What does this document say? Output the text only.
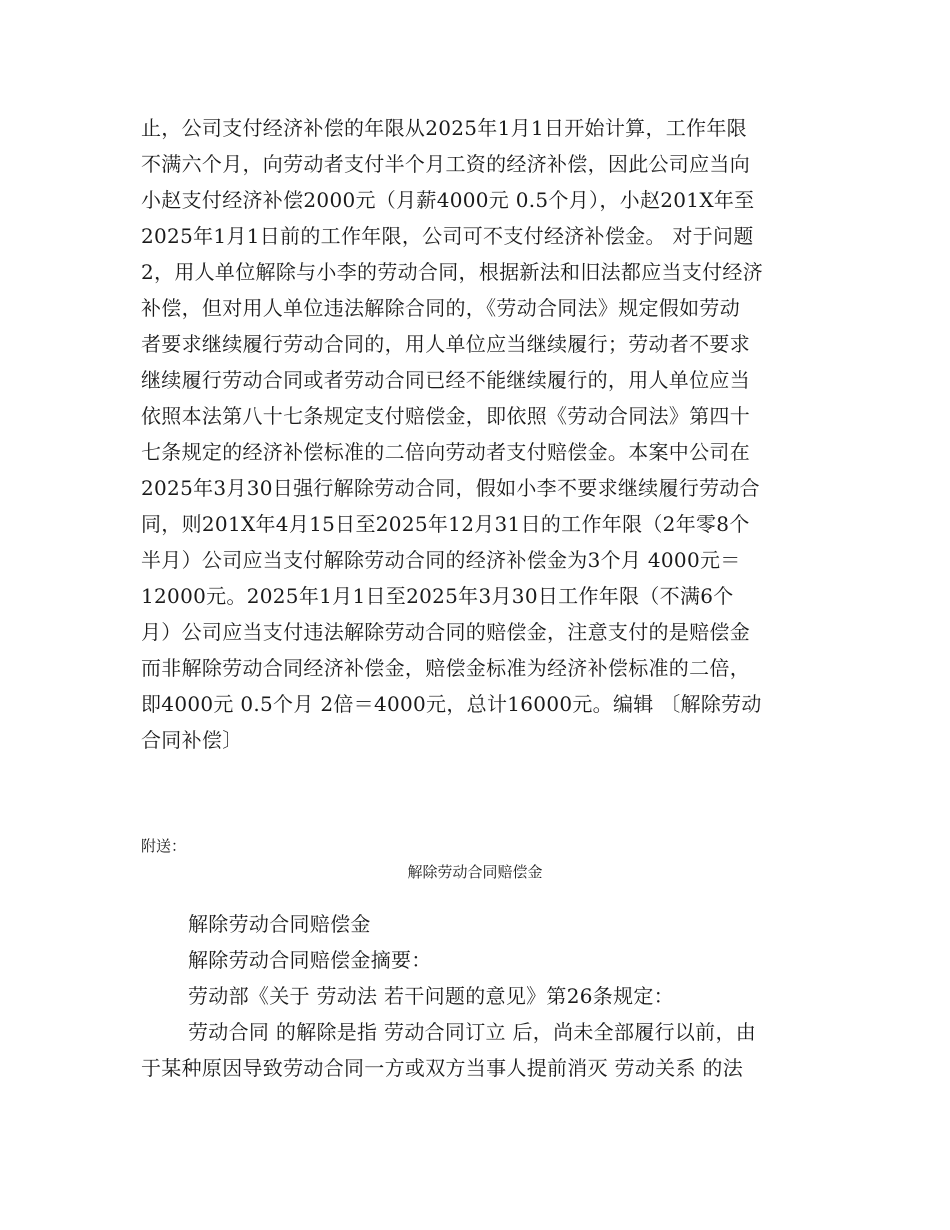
止，公司支付经济补偿的年限从2025年1月1日开始计算，工作年限
不满六个月，向劳动者支付半个月工资的经济补偿，因此公司应当向
小赵支付经济补偿2000元（月薪4000元 0.5个月），小赵201X年至
2025年1月1日前的工作年限，公司可不支付经济补偿金。 对于问题
2，用人单位解除与小李的劳动合同，根据新法和旧法都应当支付经济
补偿，但对用人单位违法解除合同的，《劳动合同法》规定假如劳动
者要求继续履行劳动合同的，用人单位应当继续履行；劳动者不要求
继续履行劳动合同或者劳动合同已经不能继续履行的，用人单位应当
依照本法第八十七条规定支付赔偿金，即依照《劳动合同法》第四十
七条规定的经济补偿标准的二倍向劳动者支付赔偿金。本案中公司在
2025年3月30日强行解除劳动合同，假如小李不要求继续履行劳动合
同，则201X年4月15日至2025年12月31日的工作年限（2年零8个
半月）公司应当支付解除劳动合同的经济补偿金为3个月 4000元＝
12000元。2025年1月1日至2025年3月30日工作年限（不满6个
月）公司应当支付违法解除劳动合同的赔偿金，注意支付的是赔偿金
而非解除劳动合同经济补偿金，赔偿金标准为经济补偿标准的二倍，
即4000元 0.5个月 2倍＝4000元，总计16000元。编辑 〔解除劳动
合同补偿〕

附送：

解除劳动合同赔偿金

解除劳动合同赔偿金
解除劳动合同赔偿金摘要：
劳动部《关于 劳动法 若干问题的意见》第26条规定：
劳动合同 的解除是指 劳动合同订立 后，尚未全部履行以前，由
于某种原因导致劳动合同一方或双方当事人提前消灭 劳动关系 的法
